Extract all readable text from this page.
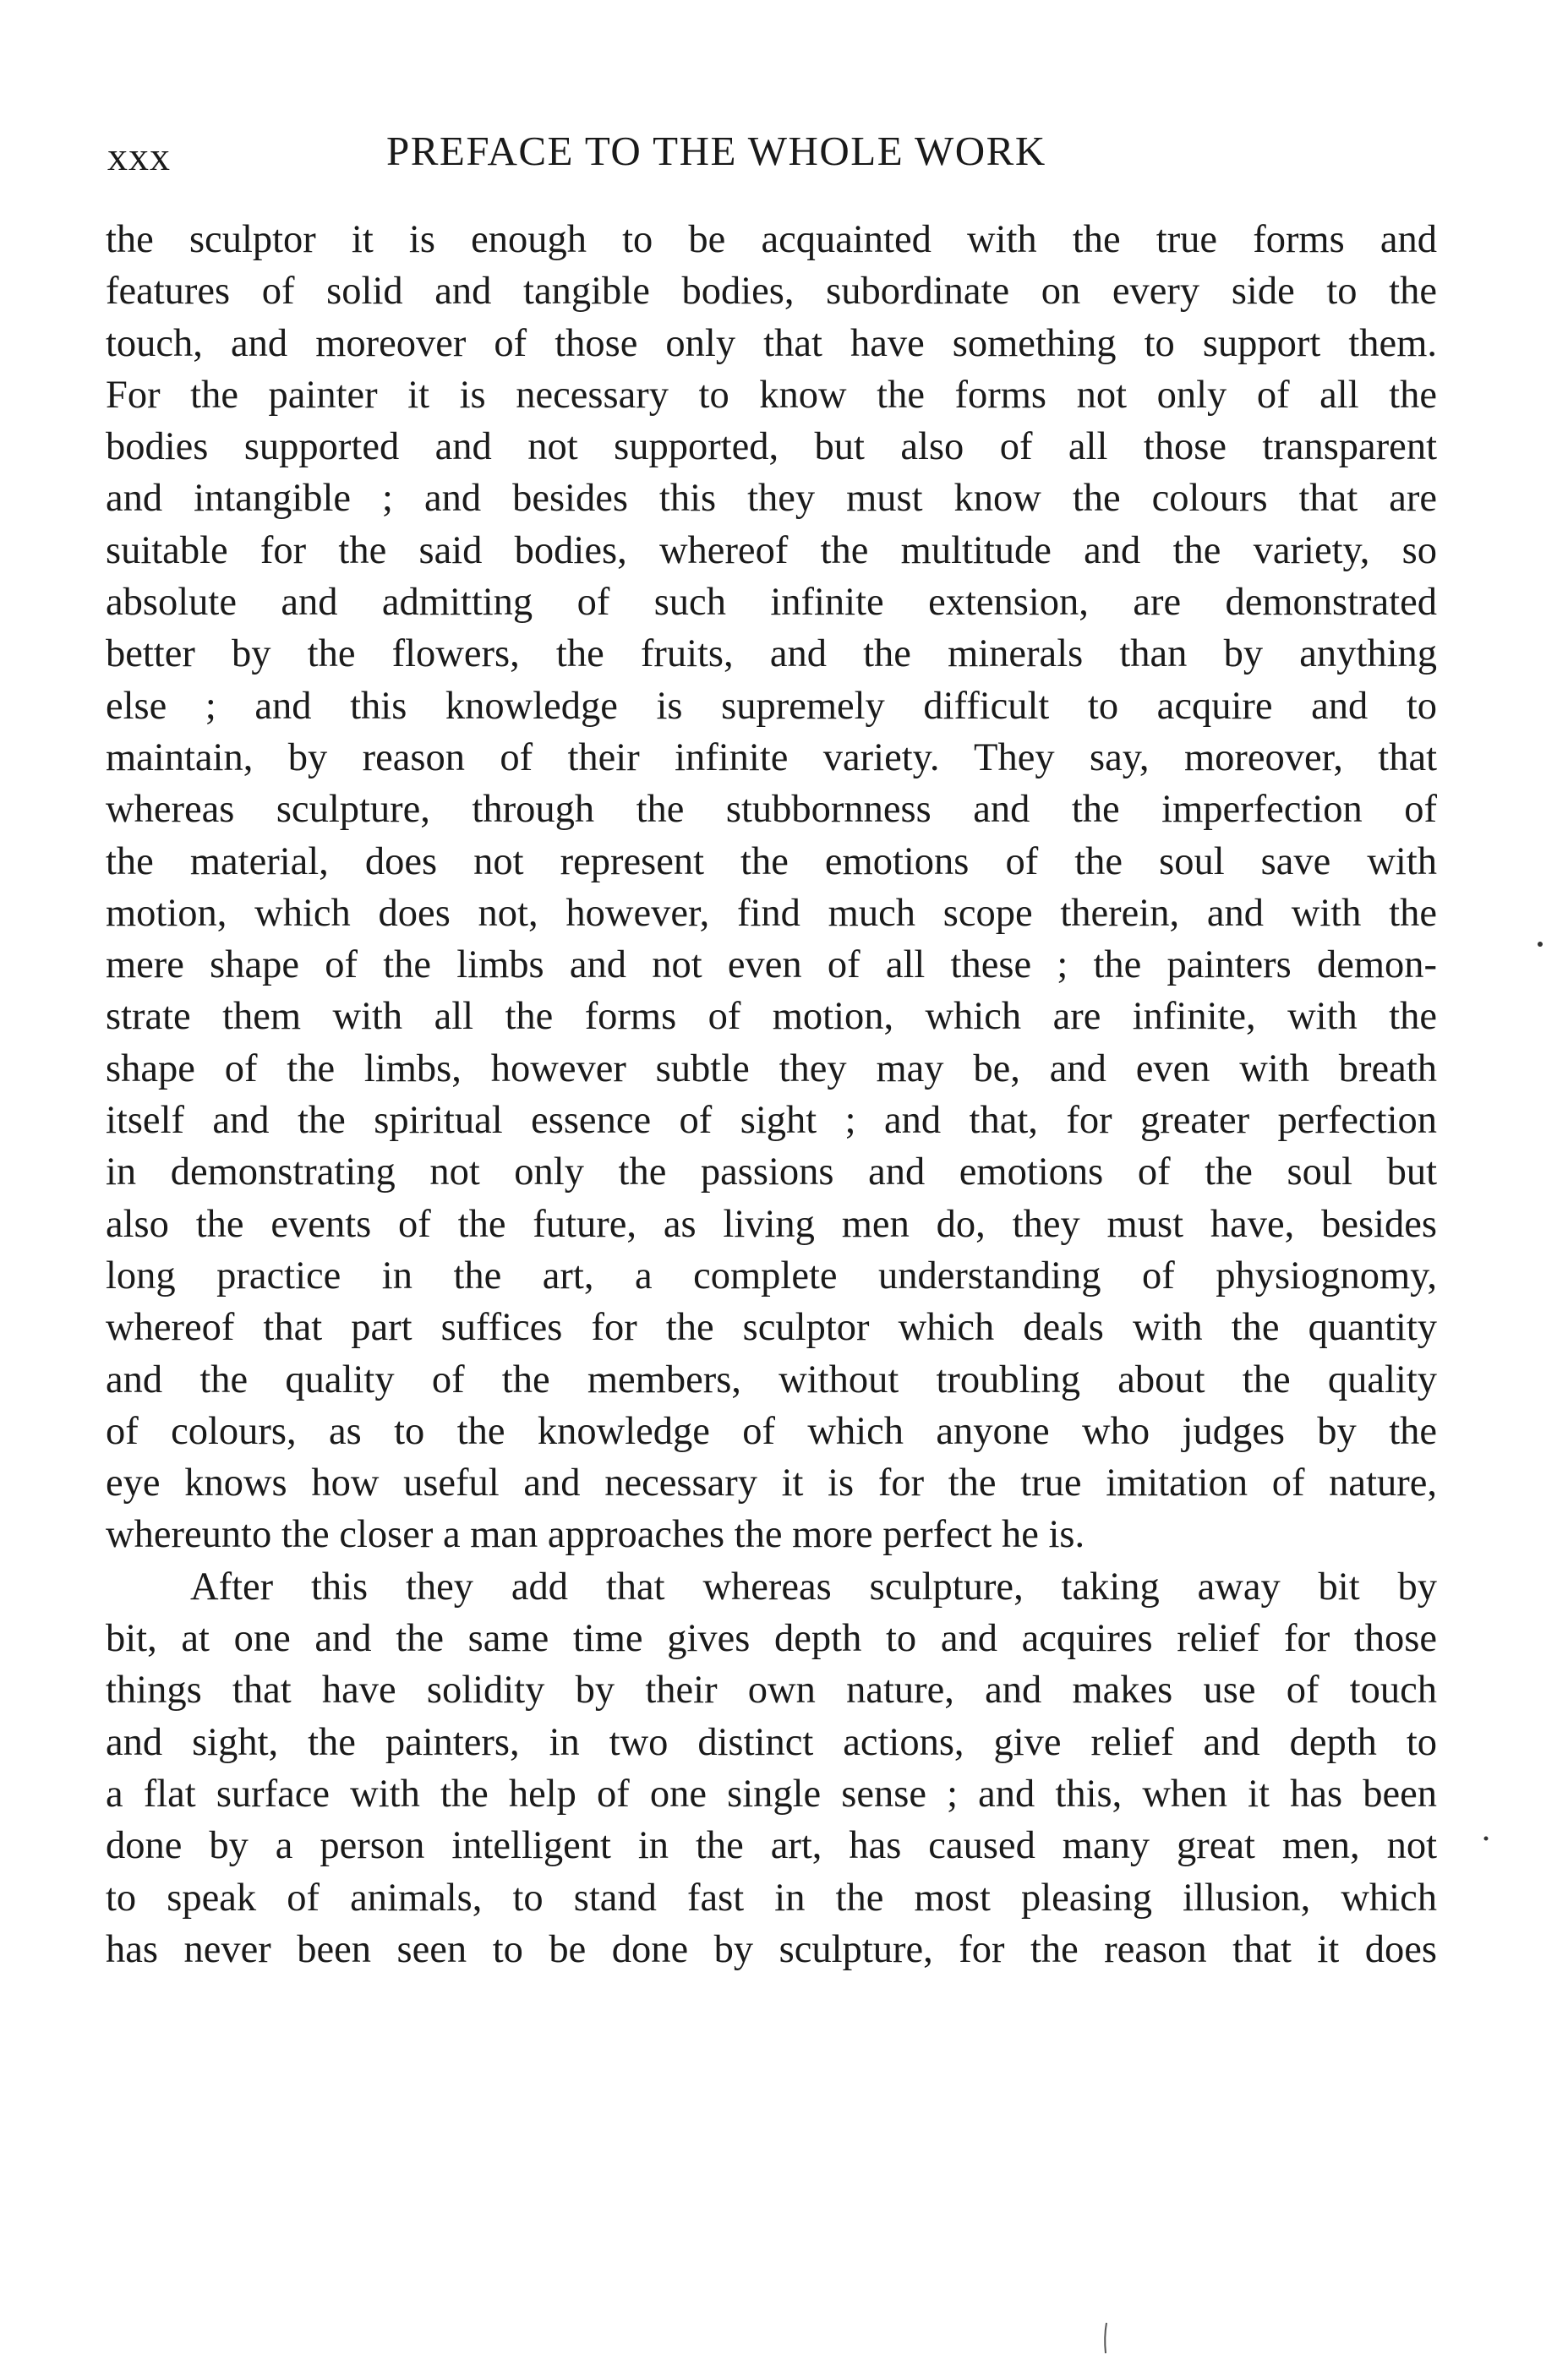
xxx	PREFACE TO THE WHOLE WORK
the sculptor it is enough to be acquainted with the true forms and
features of solid and tangible bodies, subordinate on every side to the
touch, and moreover of those only that have something to support them.
For the painter it is necessary to know the forms not only of all the
bodies supported and not supported, but also of all those transparent
and intangible ; and besides this they must know the colours that are
suitable for the said bodies, whereof the multitude and the variety, so
absolute and admitting of such infinite extension, are demonstrated
better by the flowers, the fruits, and the minerals than by anything
else ; and this knowledge is supremely difficult to acquire and to
maintain, by reason of their infinite variety. They say, moreover, that
whereas sculpture, through the stubbornness and the imperfection of
the material, does not represent the emotions of the soul save with
motion, which does not, however, find much scope therein, and with the
mere shape of the limbs and not even of all these ; the painters demon-
strate them with all the forms of motion, which are infinite, with the
shape of the limbs, however subtle they may be, and even with breath
itself and the spiritual essence of sight ; and that, for greater perfection
in demonstrating not only the passions and emotions of the soul but
also the events of the future, as living men do, they must have, besides
long practice in the art, a complete understanding of physiognomy,
whereof that part suffices for the sculptor which deals with the quantity
and the quality of the members, without troubling about the quality
of colours, as to the knowledge of which anyone who judges by the
eye knows how useful and necessary it is for the true imitation of nature,
whereunto the closer a man approaches the more perfect he is.
After this they add that whereas sculpture, taking away bit by
bit, at one and the same time gives depth to and acquires relief for those
things that have solidity by their own nature, and makes use of touch
and sight, the painters, in two distinct actions, give relief and depth to
a flat surface with the help of one single sense ; and this, when it has been
done by a person intelligent in the art, has caused many great men, not
to speak of animals, to stand fast in the most pleasing illusion, which
has never been seen to be done by sculpture, for the reason that it does
